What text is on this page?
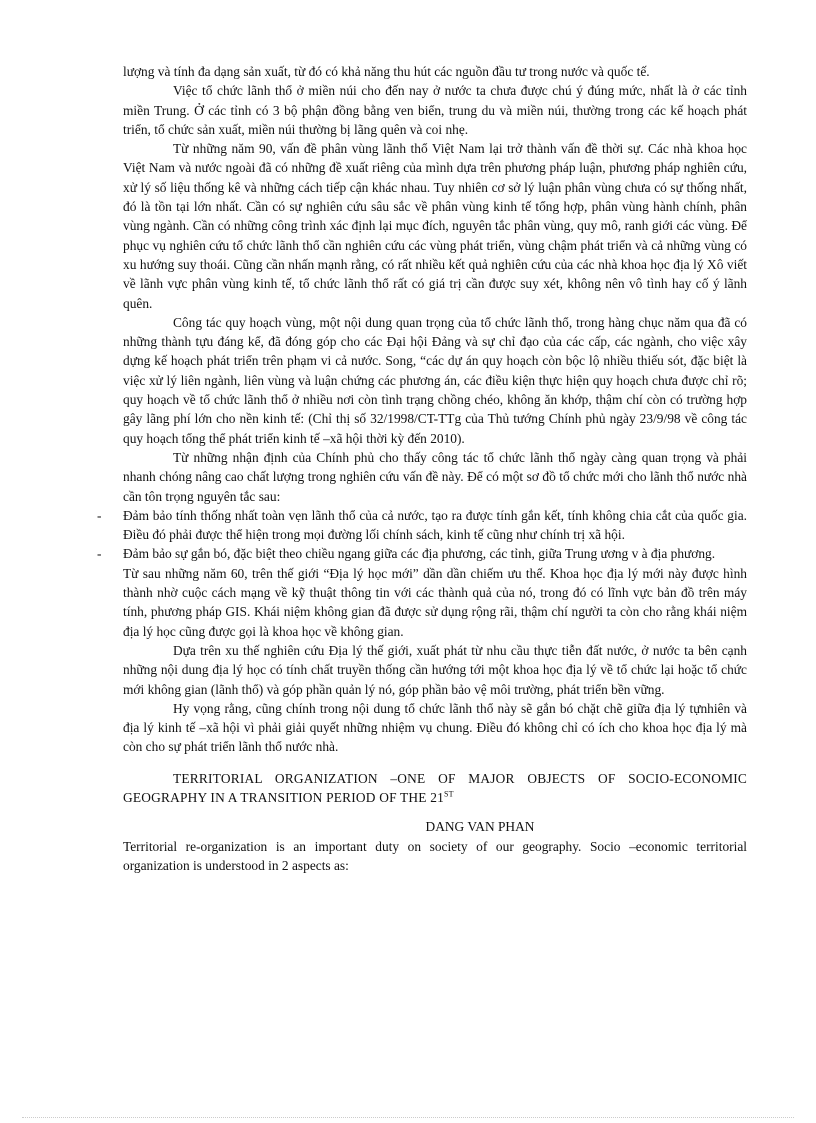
lượng và tính đa dạng sản xuất, từ đó có khả năng thu hút các nguồn đầu tư trong nước và quốc tế.

Việc tổ chức lãnh thổ ở miền núi cho đến nay ở nước ta chưa được chú ý đúng mức, nhất là ở các tỉnh miền Trung. Ở các tỉnh có 3 bộ phận đồng bằng ven biển, trung du và miền núi, thường trong các kế hoạch phát triển, tổ chức sản xuất, miền núi thường bị lãng quên và coi nhẹ.

Từ những năm 90, vấn đề phân vùng lãnh thổ Việt Nam lại trở thành vấn đề thời sự. Các nhà khoa học Việt Nam và nước ngoài đã có những đề xuất riêng của mình dựa trên phương pháp luận, phương pháp nghiên cứu, xử lý số liệu thống kê và những cách tiếp cận khác nhau. Tuy nhiên cơ sở lý luận phân vùng chưa có sự thống nhất, đó là tồn tại lớn nhất. Cần có sự nghiên cứu sâu sắc về phân vùng kinh tế tổng hợp, phân vùng hành chính, phân vùng ngành. Cần có những công trình xác định lại mục đích, nguyên tắc phân vùng, quy mô, ranh giới các vùng. Để phục vụ nghiên cứu tổ chức lãnh thổ cần nghiên cứu các vùng phát triển, vùng chậm phát triển và cả những vùng có xu hướng suy thoái. Cũng cần nhấn mạnh rằng, có rất nhiều kết quả nghiên cứu của các nhà khoa học địa lý Xô viết về lãnh vực phân vùng kinh tế, tổ chức lãnh thổ rất có giá trị cần được suy xét, không nên vô tình hay cố ý lãnh quên.

Công tác quy hoạch vùng, một nội dung quan trọng của tổ chức lãnh thổ, trong hàng chục năm qua đã có những thành tựu đáng kể, đã đóng góp cho các Đại hội Đảng và sự chỉ đạo của các cấp, các ngành, cho việc xây dựng kế hoạch phát triển trên phạm vi cả nước. Song, “các dự án quy hoạch còn bộc lộ nhiều thiếu sót, đặc biệt là việc xử lý liên ngành, liên vùng và luận chứng các phương án, các điều kiện thực hiện quy hoạch chưa được chỉ rõ; quy hoạch về tổ chức lãnh thổ ở nhiều nơi còn tình trạng chồng chéo, không ăn khớp, thậm chí còn có trường hợp gây lãng phí lớn cho nền kinh tế: (Chỉ thị số 32/1998/CT-TTg của Thủ tướng Chính phủ ngày 23/9/98 về công tác quy hoạch tổng thể phát triển kinh tế –xã hội thời kỳ đến 2010).

Từ những nhận định của Chính phủ cho thấy công tác tổ chức lãnh thổ ngày càng quan trọng và phải nhanh chóng nâng cao chất lượng trong nghiên cứu vấn đề này. Để có một sơ đồ tổ chức mới cho lãnh thổ nước nhà cần tôn trọng nguyên tắc sau:

- Đảm bảo tính thống nhất toàn vẹn lãnh thổ của cả nước, tạo ra được tính gắn kết, tính không chia cắt của quốc gia. Điều đó phải được thể hiện trong mọi đường lối chính sách, kinh tế cũng như chính trị xã hội.

- Đảm bảo sự gắn bó, đặc biệt theo chiều ngang giữa các địa phương, các tỉnh, giữa Trung ương v à địa phương.

Từ sau những năm 60, trên thế giới “Địa lý học mới” dần dần chiếm ưu thế. Khoa học địa lý mới này được hình thành nhờ cuộc cách mạng về kỹ thuật thông tin với các thành quả của nó, trong đó có lĩnh vực bản đồ trên máy tính, phương pháp GIS. Khái niệm không gian đã được sử dụng rộng rãi, thậm chí người ta còn cho rằng khái niệm địa lý học cũng được gọi là khoa học về không gian.

Dựa trên xu thế nghiên cứu Địa lý thế giới, xuất phát từ nhu cầu thực tiễn đất nước, ở nước ta bên cạnh những nội dung địa lý học có tính chất truyền thống cần hướng tới một khoa học địa lý về tổ chức lại hoặc tổ chức mới không gian (lãnh thổ) và góp phần quản lý nó, góp phần bảo vệ môi trường, phát triển bền vững.

Hy vọng rằng, cũng chính trong nội dung tổ chức lãnh thổ này sẽ gắn bó chặt chẽ giữa địa lý tựnhiên và địa lý kinh tế –xã hội vì phải giải quyết những nhiệm vụ chung. Điều đó không chỉ có ích cho khoa học địa lý mà còn cho sự phát triển lãnh thổ nước nhà.

TERRITORIAL ORGANIZATION –ONE OF MAJOR OBJECTS OF SOCIO-ECONOMIC GEOGRAPHY IN A TRANSITION PERIOD OF THE 21ST

DANG VAN PHAN

Territorial re-organization is an important duty on society of our geography. Socio –economic territorial organization is understood in 2 aspects as:
